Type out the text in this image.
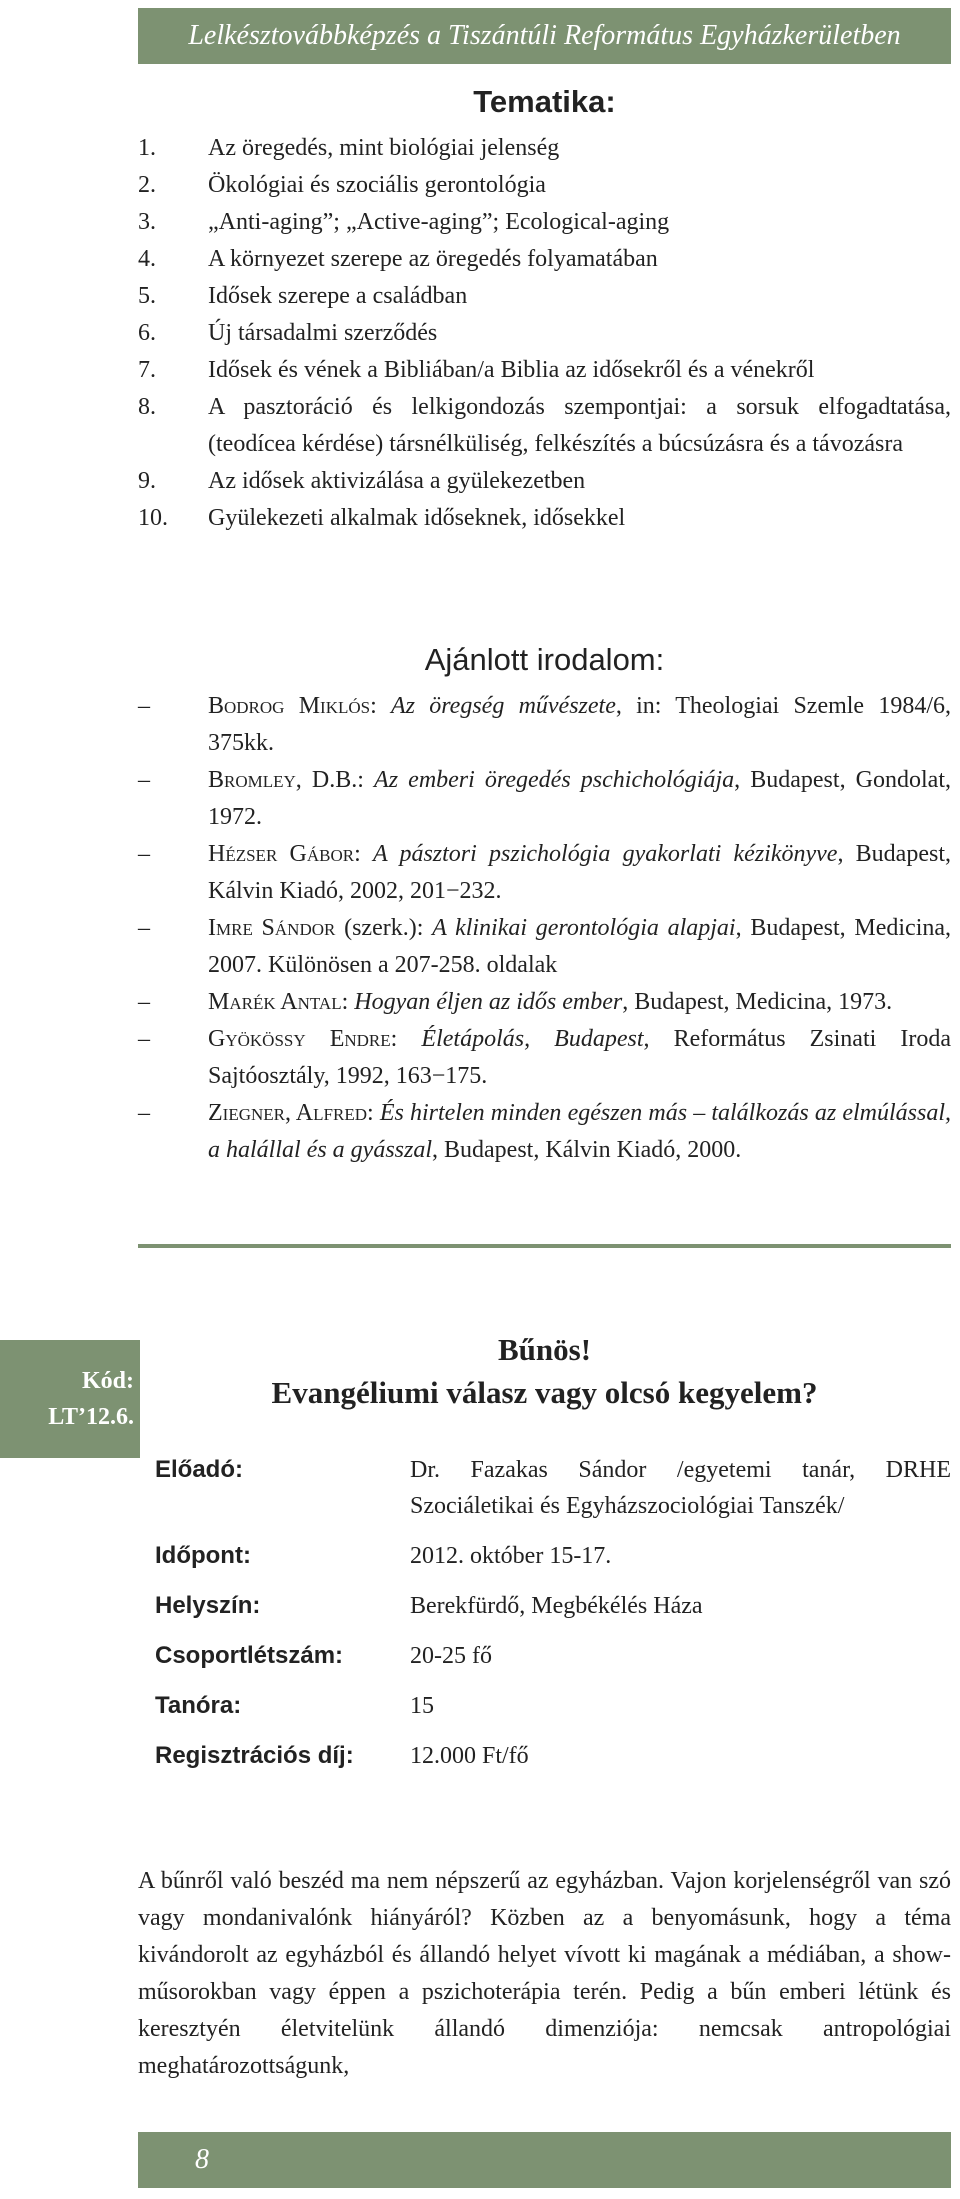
Lelkésztovábbképzés a Tiszántúli Református Egyházkerületben
Tematika:
1.	Az öregedés, mint biológiai jelenség
2.	Ökológiai és szociális gerontológia
3.	„Anti-aging”; „Active-aging”; Ecological-aging
4.	A környezet szerepe az öregedés folyamatában
5.	Idősek szerepe a családban
6.	Új társadalmi szerződés
7.	Idősek és vének a Bibliában/a Biblia az idősekről és a vénekről
8.	A pasztoráció és lelkigondozás szempontjai: a sorsuk elfogadtatása, (teodícea kérdése) társnélküliség, felkészítés a búcsúzásra és a távozásra
9.	Az idősek aktivizálása a gyülekezetben
10.	Gyülekezeti alkalmak időseknek, idősekkel
Ajánlott irodalom:
–	Bodrog Miklós: Az öregség művészete, in: Theologiai Szemle 1984/6, 375kk.
–	Bromley, D.B.: Az emberi öregedés pschichológiája, Budapest, Gondolat, 1972.
–	Hézser Gábor: A pásztori pszichológia gyakorlati kézikönyve, Budapest, Kálvin Kiadó, 2002, 201−232.
–	Imre Sándor (szerk.): A klinikai gerontológia alapjai, Budapest, Medicina, 2007. Különösen a 207-258. oldalak
–	Marék Antal: Hogyan éljen az idős ember, Budapest, Medicina, 1973.
–	Gyökössy Endre: Életápolás, Budapest, Református Zsinati Iroda Sajtóosztály, 1992, 163−175.
–	Ziegner, Alfred: És hirtelen minden egészen más – találkozás az elmúlással, a halállal és a gyásszal, Budapest, Kálvin Kiadó, 2000.
Kód:
LT’12.6.
Bűnös!
Evangéliumi válasz vagy olcsó kegyelem?
Előadó:	Dr. Fazakas Sándor /egyetemi tanár, DRHE Szociáletikai és Egyházszociológiai Tanszék/
Időpont:	2012. október 15-17.
Helyszín:	Berekfürdő, Megbékélés Háza
Csoportlétszám:	20-25 fő
Tanóra:	15
Regisztrációs díj:	12.000 Ft/fő

A bűnről való beszéd ma nem népszerű az egyházban. Vajon korjelenségről van szó vagy mondanivalónk hiányáról? Közben az a benyomásunk, hogy a téma kivándorolt az egyházból és állandó helyet vívott ki magának a médiában, a show-műsorokban vagy éppen a pszichoterápia terén. Pedig a bűn emberi létünk és keresztyén életvitelünk állandó dimenziója: nemcsak antropológiai meghatározottságunk,

8
